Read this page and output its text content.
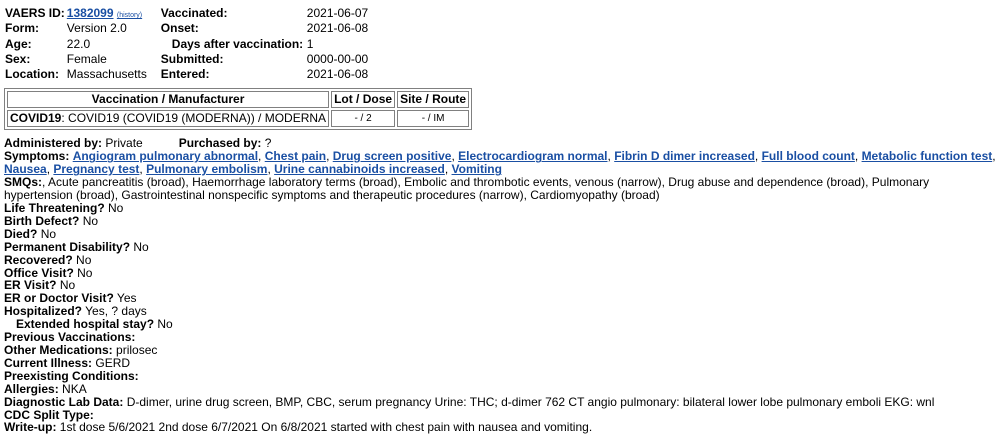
VAERS ID:	1382099 (history)	Vaccinated:	2021-06-07
Form:	Version 2.0	Onset:	2021-06-08
Age:	22.0	Days after vaccination:	1
Sex:	Female	Submitted:	0000-00-00
Location:	Massachusetts	Entered:	2021-06-08
Vaccination / Manufacturer	Lot / Dose	Site / Route
COVID19: COVID19 (COVID19 (MODERNA)) / MODERNA	- / 2	- / IM
Administered by: Private	Purchased by: ?
Symptoms: Angiogram pulmonary abnormal, Chest pain, Drug screen positive, Electrocardiogram normal, Fibrin D dimer increased, Full blood count, Metabolic function test, Nausea, Pregnancy test, Pulmonary embolism, Urine cannabinoids increased, Vomiting
SMQs:, Acute pancreatitis (broad), Haemorrhage laboratory terms (broad), Embolic and thrombotic events, venous (narrow), Drug abuse and dependence (broad), Pulmonary hypertension (broad), Gastrointestinal nonspecific symptoms and therapeutic procedures (narrow), Cardiomyopathy (broad)
Life Threatening? No
Birth Defect? No
Died? No
Permanent Disability? No
Recovered? No
Office Visit? No
ER Visit? No
ER or Doctor Visit? Yes
Hospitalized? Yes, ? days
Extended hospital stay? No
Previous Vaccinations:
Other Medications: prilosec
Current Illness: GERD
Preexisting Conditions:
Allergies: NKA
Diagnostic Lab Data: D-dimer, urine drug screen, BMP, CBC, serum pregnancy Urine: THC; d-dimer 762 CT angio pulmonary: bilateral lower lobe pulmonary emboli EKG: wnl
CDC Split Type:
Write-up: 1st dose 5/6/2021 2nd dose 6/7/2021 On 6/8/2021 started with chest pain with nausea and vomiting.
